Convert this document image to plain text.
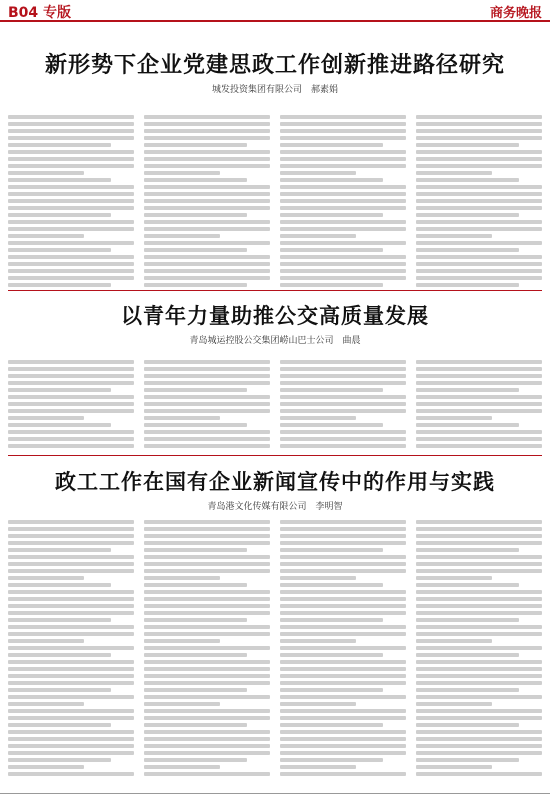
B04 专版	商务晚报
新形势下企业党建思政工作创新推进路径研究
城发投资集团有限公司　郝素娟
以青年力量助推公交高质量发展
青岛城运控股公交集团崂山巴士公司　曲晨
政工工作在国有企业新闻宣传中的作用与实践
青岛港文化传媒有限公司　李明智
